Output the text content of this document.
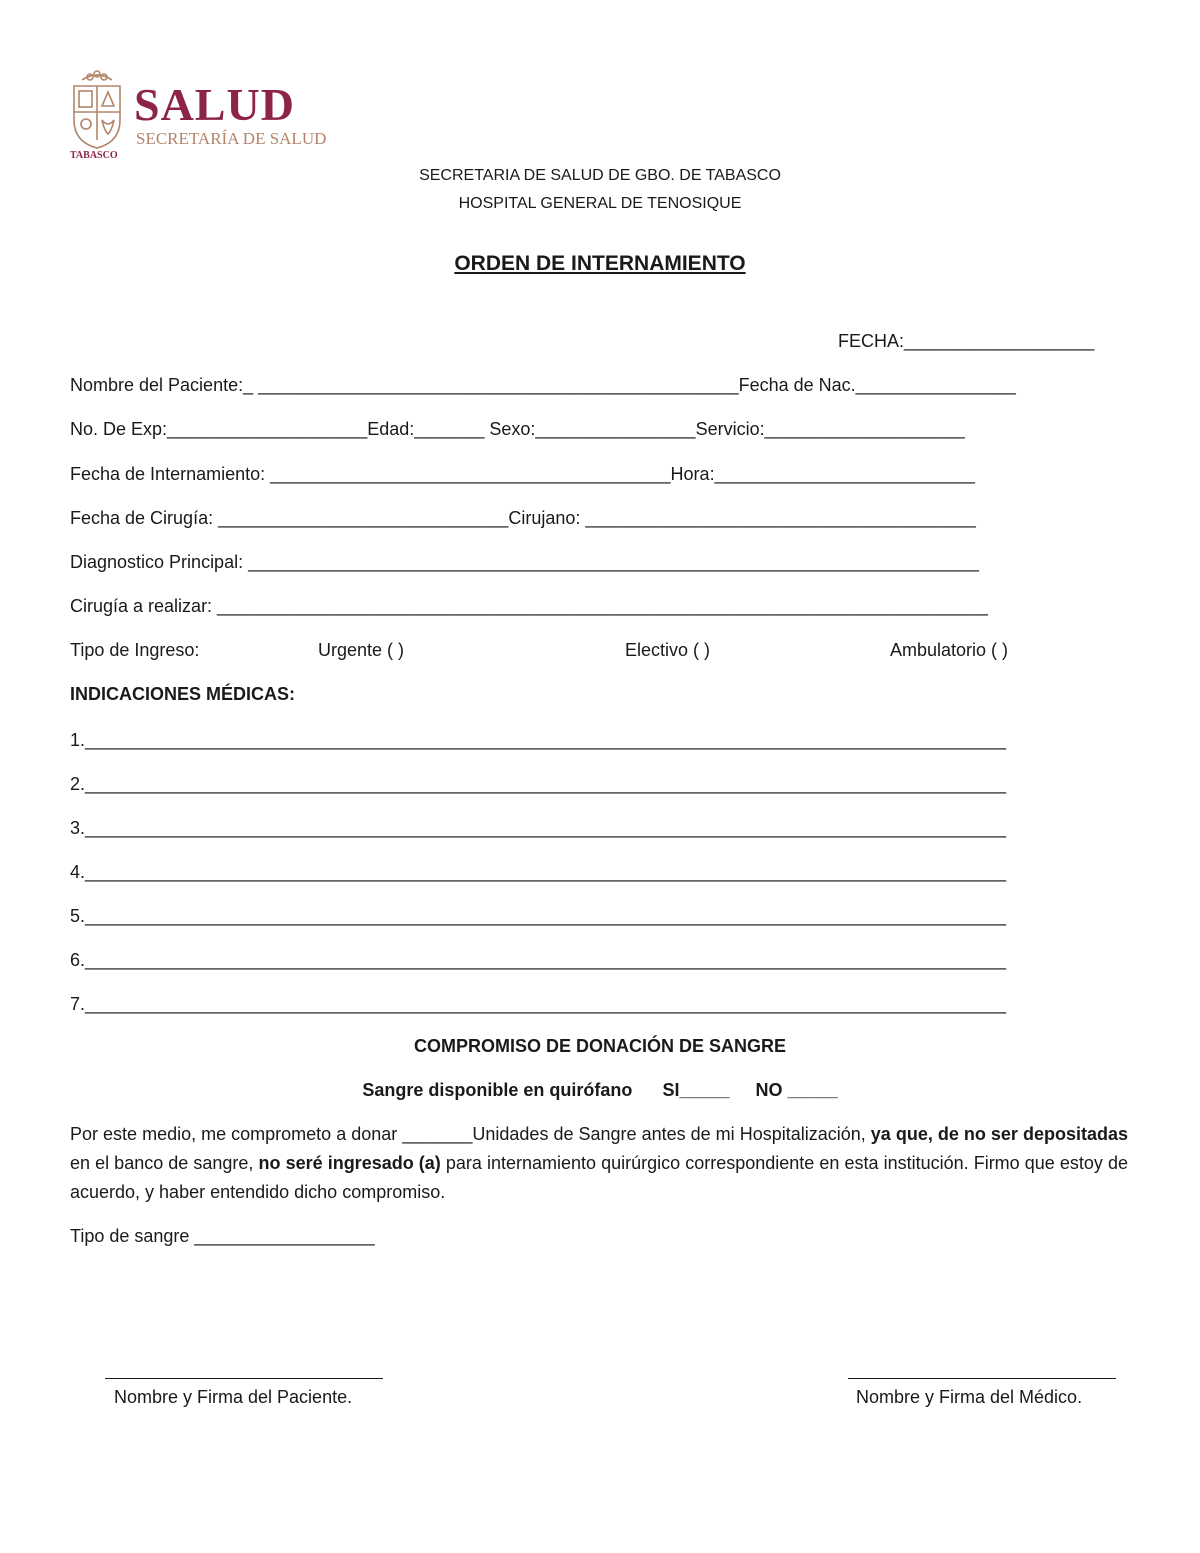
SALUD
SECRETARÍA DE SALUD
TABASCO
SECRETARIA DE SALUD DE GBO. DE TABASCO
HOSPITAL GENERAL DE TENOSIQUE
ORDEN DE INTERNAMIENTO
FECHA:___________________
Nombre del Paciente:_ ________________________________________________Fecha de Nac.________________
No. De Exp:____________________Edad:_______ Sexo:________________Servicio:____________________
Fecha de Internamiento: ________________________________________Hora:__________________________
Fecha de Cirugía: _____________________________Cirujano: _______________________________________
Diagnostico Principal: _________________________________________________________________________
Cirugía a realizar: _____________________________________________________________________________
Tipo de Ingreso:	Urgente ( )	Electivo ( )	Ambulatorio ( )
INDICACIONES MÉDICAS:
1.____________________________________________________________________________________________
2.____________________________________________________________________________________________
3.____________________________________________________________________________________________
4.____________________________________________________________________________________________
5.____________________________________________________________________________________________
6.____________________________________________________________________________________________
7.____________________________________________________________________________________________
COMPROMISO DE DONACIÓN DE SANGRE
Sangre disponible en quirófano SI_____ NO _____
Por este medio, me comprometo a donar _______Unidades de Sangre antes de mi Hospitalización, ya que, de no ser depositadas en el banco de sangre, no seré ingresado (a) para internamiento quirúrgico correspondiente en esta institución. Firmo que estoy de acuerdo, y haber entendido dicho compromiso.
Tipo de sangre __________________
Nombre y Firma del Paciente.	Nombre y Firma del Médico.
